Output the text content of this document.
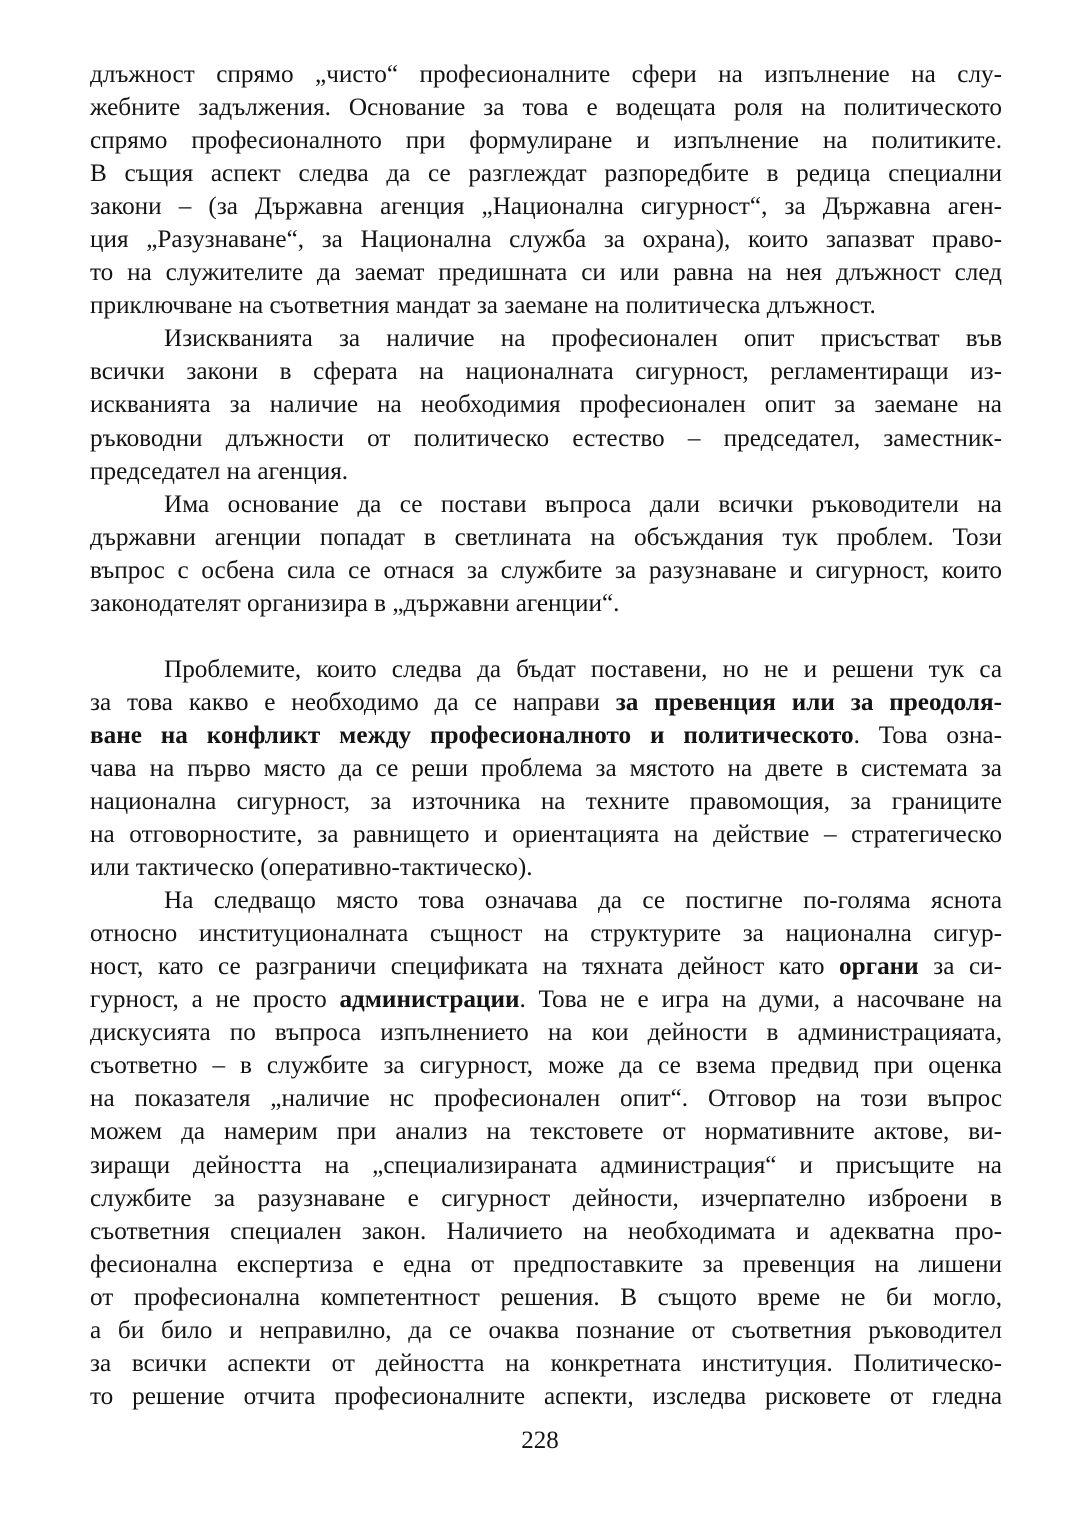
длъжност спрямо „чисто“ професионалните сфери на изпълнение на слу-

жебните задължения. Основание за това е водещата роля на политическото

спрямо професионалното при формулиране и изпълнение на политиките.

В същия аспект следва да се разглеждат разпоредбите в редица специални

закони – (за Държавна агенция „Национална сигурност“, за Държавна аген-

ция „Разузнаване“, за Национална служба за охрана), които запазват право-

то на служителите да заемат предишната си или равна на нея длъжност след

приключване на съответния мандат за заемане на политическа длъжност.

Изискванията за наличие на професионален опит присъстват във

всички закони в сферата на националната сигурност, регламентиращи из-

искванията за наличие на необходимия професионален опит за заемане на

ръководни длъжности от политическо естество – председател, заместник-

председател на агенция.

Има основание да се постави въпроса дали всички ръководители на

държавни агенции попадат в светлината на обсъждания тук проблем. Този

въпрос с осбена сила се отнася за службите за разузнаване и сигурност, които

законодателят организира в „държавни агенции“.

Проблемите, които следва да бъдат поставени, но не и решени тук са

за това какво е необходимо да се направи за превенция или за преодоля-

ване на конфликт между професионалното и политическото. Това озна-

чава на първо място да се реши проблема за мястото на двете в системата за

национална сигурност, за източника на техните правомощия, за границите

на отговорностите, за равнището и ориентацията на действие – стратегическо

или тактическо (оперативно-тактическо).

На следващо място това означава да се постигне по-голяма яснота

относно институционалната същност на структурите за национална сигур-

ност, като се разграничи спецификата на тяхната дейност като органи за си-

гурност, а не просто администрации. Това не е игра на думи, а насочване на

дискусията по въпроса изпълнението на кои дейности в администрацияата,

съответно – в службите за сигурност, може да се взема предвид при оценка

на показателя „наличие нс професионален опит“. Отговор на този въпрос

можем да намерим при анализ на текстовете от нормативните актове, ви-

зиращи дейността на „специализираната администрация“ и присъщите на

службите за разузнаване е сигурност дейности, изчерпателно изброени в

съответния специален закон. Наличието на необходимата и адекватна про-

фесионална експертиза е една от предпоставките за превенция на лишени

от професионална компетентност решения. В същото време не би могло,

а би било и неправилно, да се очаква познание от съответния ръководител

за всички аспекти от дейността на конкретната институция. Политическо-

то решение отчита професионалните аспекти, изследва рисковете от гледна

228
